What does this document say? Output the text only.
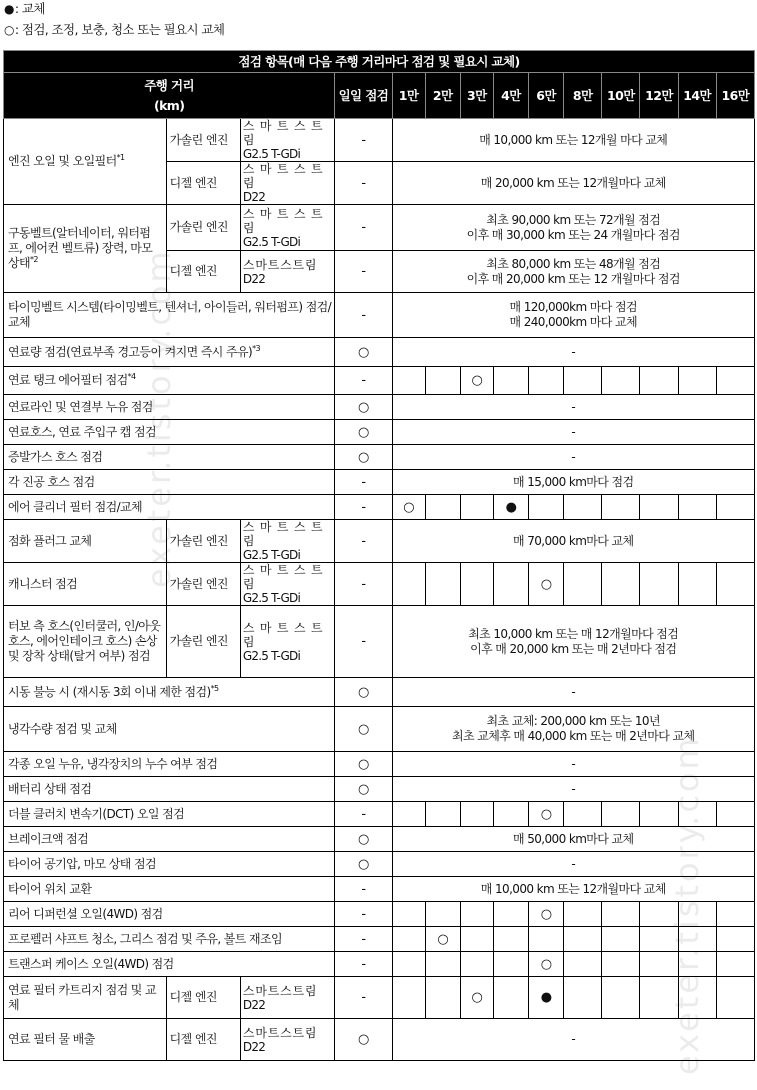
●: 교체
○: 점검, 조정, 보충, 청소 또는 필요시 교체
점검 항목(매 다음 주행 거리마다 점검 및 필요시 교체)													
주행 거리
(km)			일일 점검	1만	2만	3만	4만	6만	8만	10만	12만	14만	16만
엔진 오일 및 오일필터$^{*1}$	가솔린 엔진	스 마 트 스 트 림
G2.5 T-GDi	-	매 10,000 km 또는 12개월 마다 교체									

	디젤 엔진	스 마 트 스 트 림
D22	-	매 20,000 km 또는 12개월마다 교체									

구동벨트(알터네이터, 워터펌프, 에어컨 벨트류) 장력, 마모 상태$^{*2}$	가솔린 엔진	스 마 트 스 트 림
G2.5 T-GDi	-	최초 90,000 km 또는 72개월 점검
이후 매 30,000 km 또는 24 개월마다 점검									

	디젤 엔진	스마트스트림
D22	-	최초 80,000 km 또는 48개월 점검
이후 매 20,000 km 또는 12 개월마다 점검									

타이밍벨트 시스템(타이밍벨트, 텐셔너, 아이들러, 워터펌프) 점검/교체			-	매 120,000km 마다 점검
매 240,000km 마다 교체									

연료량 점검(연료부족 경고등이 켜지면 즉시 주유)$^{*3}$			○	-									

연료 탱크 에어필터 점검$^{*4}$			-			○							
연료라인 및 연결부 누유 점검			○	-									

연료호스, 연료 주입구 캡 점검			○	-									

증발가스 호스 점검			○	-									

각 진공 호스 점검			-	매 15,000 km마다 점검									

에어 클리너 필터 점검/교체			-	○			●						
점화 플러그 교체	가솔린 엔진	스 마 트 스 트 림
G2.5 T-GDi	-	매 70,000 km마다 교체									

캐니스터 점검	가솔린 엔진	스 마 트 스 트 림
G2.5 T-GDi	-					○					
터보 측 호스(인터쿨러, 인/아웃 호스, 에어인테이크 호스) 손상 및 장착 상태(탈거 여부) 점검	가솔린 엔진	스 마 트 스 트 림
G2.5 T-GDi	-	최초 10,000 km 또는 매 12개월마다 점검
이후 매 20,000 km 또는 매 2년마다 점검									

시동 불능 시 (재시동 3회 이내 제한 점검)$^{*5}$			○	-									

냉각수량 점검 및 교체			○	최초 교체: 200,000 km 또는 10년
최초 교체후 매 40,000 km 또는 매 2년마다 교체									

각종 오일 누유, 냉각장치의 누수 여부 점검			○	-									

배터리 상태 점검			○	-									

더블 클러치 변속기(DCT) 오일 점검			-					○					
브레이크액 점검			○	매 50,000 km마다 교체									

타이어 공기압, 마모 상태 점검			○	-									

타이어 위치 교환			-	매 10,000 km 또는 12개월마다 교체									

리어 디퍼런셜 오일(4WD) 점검			-					○					
프로펠러 샤프트 청소, 그리스 점검 및 주유, 볼트 재조임			-		○								
트랜스퍼 케이스 오일(4WD) 점검			-					○					
연료 필터 카트리지 점검 및 교체	디젤 엔진	스마트스트림
D22	-			○		●					
연료 필터 물 배출	디젤 엔진	스마트스트림
D22	○	-									
exeter.tistory.com
exeter.tistory.com
